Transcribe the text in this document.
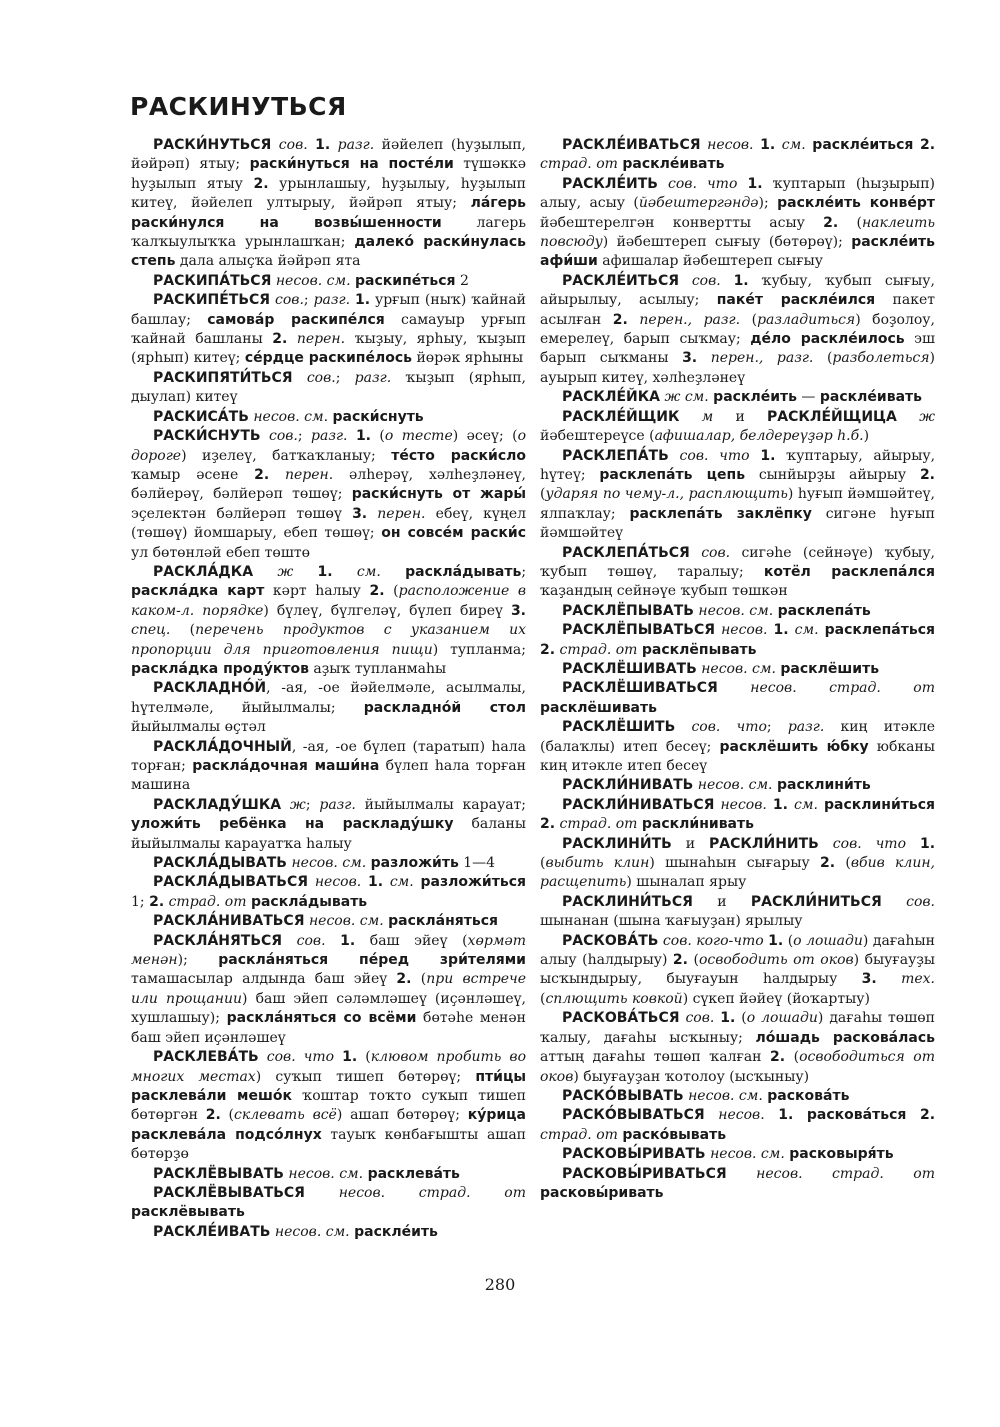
РАСКИНУТЬСЯ

РАСКИ́НУТЬСЯ сов. 1. разг. йәйелеп (һуҙылып, йәйрәп) ятыу; раски́нуться на посте́ли түшәккә һуҙылып ятыу 2. урынлашыу, һуҙылыу, һуҙылып китеү, йәйелеп ултырыу, йәйрәп ятыу; ла́герь раски́нулся на возвы́шенности лагерь ҡалҡыулыҡҡа урынлашҡан; далеко́ раски́нулась степь дала алыҫҡа йәйрәп ята

РАСКИПА́ТЬСЯ несов. см. раскипе́ться 2

РАСКИПЕ́ТЬСЯ сов.; разг. 1. урғып (ныҡ) ҡайнай башлау; самова́р раскипе́лся самауыр урғып ҡайнай башланы 2. перен. ҡыҙыу, ярһыу, ҡыҙып (ярһып) китеү; се́рдце раскипе́лось йөрәк ярһыны

РАСКИПЯТИ́ТЬСЯ сов.; разг. ҡыҙып (ярһып, дыулап) китеү

РАСКИСА́ТЬ несов. см. раски́снуть

РАСКИ́СНУТЬ сов.; разг. 1. (о тесте) әсеү; (о дороге) иҙелеү, батҡаҡланыу; те́сто раски́сло ҡамыр әсене 2. перен. әлһерәү, хәлһеҙләнеү, бәлйерәү, бәлйерәп төшөү; раски́снуть от жары́ эҫелектән бәлйерәп төшөү 3. перен. ебеү, күңел (төшөү) йомшарыу, ебеп төшөү; он совсе́м раски́с ул бөтөнләй ебеп төштө

РАСКЛА́ДКА ж 1. см. раскла́дывать; раскла́дка карт кәрт һалыу 2. (расположение в каком-л. порядке) бүлеү, бүлгеләү, бүлеп биреү 3. спец. (перечень продуктов с указанием их пропорции для приготовления пищи) тупланма; раскла́дка проду́ктов аҙыҡ тупланмаһы

РАСКЛАДНО́Й, -ая, -ое йәйелмәле, асылмалы, һүтелмәле, йыйылмалы; раскладно́й стол йыйылмалы өҫтәл

РАСКЛА́ДОЧНЫЙ, -ая, -ое бүлеп (таратып) һала торған; раскла́дочная маши́на бүлеп һала торған машина

РАСКЛАДУ́ШКА ж; разг. йыйылмалы карауат; уложи́ть ребёнка на раскладу́шку баланы йыйылмалы карауатҡа һалыу

РАСКЛА́ДЫВАТЬ несов. см. разложи́ть 1—4

РАСКЛА́ДЫВАТЬСЯ несов. 1. см. разложи́ться 1; 2. страд. от раскла́дывать

РАСКЛА́НИВАТЬСЯ несов. см. раскла́няться

РАСКЛА́НЯТЬСЯ сов. 1. баш эйеү (хөрмәт менән); раскла́няться пе́ред зри́телями тамашасылар алдында баш эйеү 2. (при встрече или прощании) баш эйеп сәләмләшеү (иҫәнләшеү, хушлашыу); раскла́няться со всёми бөтәһе менән баш эйеп иҫәнләшеү

РАСКЛЕВА́ТЬ сов. что 1. (клювом пробить во многих местах) суҡып тишеп бөтөрөү; пти́цы расклева́ли мешо́к ҡоштар тоҡто суҡып тишеп бөтөргән 2. (склевать всё) ашап бөтөрөү; ку́рица расклева́ла подсо́лнух тауыҡ көнбағышты ашап бөтөрҙө

РАСКЛЁВЫВАТЬ несов. см. расклева́ть

РАСКЛЁВЫВАТЬСЯ несов. страд. от расклёвывать

РАСКЛЕ́ИВАТЬ несов. см. раскле́ить

РАСКЛЕ́ИВАТЬСЯ несов. 1. см. раскле́иться 2. страд. от раскле́ивать

РАСКЛЕ́ИТЬ сов. что 1. ҡуптарып (һыҙырып) алыу, асыу (йәбештергәндә); раскле́ить конве́рт йәбештерелгән конвертты асыу 2. (наклеить повсюду) йәбештереп сығыу (бөтөрөү); раскле́ить афи́ши афишалар йәбештереп сығыу

РАСКЛЕ́ИТЬСЯ сов. 1. ҡубыу, ҡубып сығыу, айырылыу, асылыу; паке́т раскле́ился пакет асылған 2. перен., разг. (разладиться) боҙолоу, емерелеү, барып сыҡмау; де́ло раскле́илось эш барып сыҡманы 3. перен., разг. (разболеться) ауырып китеү, хәлһеҙләнеү

РАСКЛЕ́ЙКА ж см. раскле́ить — раскле́ивать

РАСКЛЕ́ЙЩИК м и РАСКЛЕ́ЙЩИЦА ж йәбештереүсе (афишалар, белдереүҙәр һ.б.)

РАСКЛЕПА́ТЬ сов. что 1. ҡуптарыу, айырыу, һүтеү; расклепа́ть цепь сынйырҙы айырыу 2. (ударяя по чему-л., расплющить) һуғып йәмшәйтеү, ялпаҡлау; расклепа́ть заклёпку сигәне һуғып йәмшәйтеү

РАСКЛЕПА́ТЬСЯ сов. сигәһе (сейнәүе) ҡубыу, ҡубып төшөү, таралыу; котёл расклепа́лся ҡаҙандың сейнәүе ҡубып төшкән

РАСКЛЁПЫВАТЬ несов. см. расклепа́ть

РАСКЛЁПЫВАТЬСЯ несов. 1. см. расклепа́ться 2. страд. от расклёпывать

РАСКЛЁШИВАТЬ несов. см. расклёшить

РАСКЛЁШИВАТЬСЯ несов. страд. от расклёшивать

РАСКЛЁШИТЬ сов. что; разг. киң итәкле (балаҡлы) итеп бесеү; расклёшить ю́бку юбканы киң итәкле итеп бесеү

РАСКЛИ́НИВАТЬ несов. см. расклини́ть

РАСКЛИ́НИВАТЬСЯ несов. 1. см. расклини́ться 2. страд. от раскли́нивать

РАСКЛИНИ́ТЬ и РАСКЛИ́НИТЬ сов. что 1. (выбить клин) шынаһын сығарыу 2. (вбив клин, расщепить) шыналап ярыу

РАСКЛИНИ́ТЬСЯ и РАСКЛИ́НИТЬСЯ сов. шынанан (шына ҡағыуҙан) ярылыу

РАСКОВА́ТЬ сов. кого-что 1. (о лошади) дағаһын алыу (һалдырыу) 2. (освободить от оков) быуғауҙы ысҡындырыу, быуғауын һалдырыу 3. тех. (сплющить ковкой) сүкеп йәйеү (йоҡартыу)

РАСКОВА́ТЬСЯ сов. 1. (о лошади) дағаһы төшөп ҡалыу, дағаһы ысҡыныу; ло́шадь расковáлась аттың дағаһы төшөп ҡалған 2. (освободиться от оков) быуғауҙан ҡотолоу (ысҡыныу)

РАСКО́ВЫВАТЬ несов. см. раскова́ть

РАСКО́ВЫВАТЬСЯ несов. 1. раскова́ться 2. страд. от раско́вывать

РАСКОВЫ́РИВАТЬ несов. см. расковыря́ть

РАСКОВЫ́РИВАТЬСЯ несов. страд. от расковы́ривать

280
